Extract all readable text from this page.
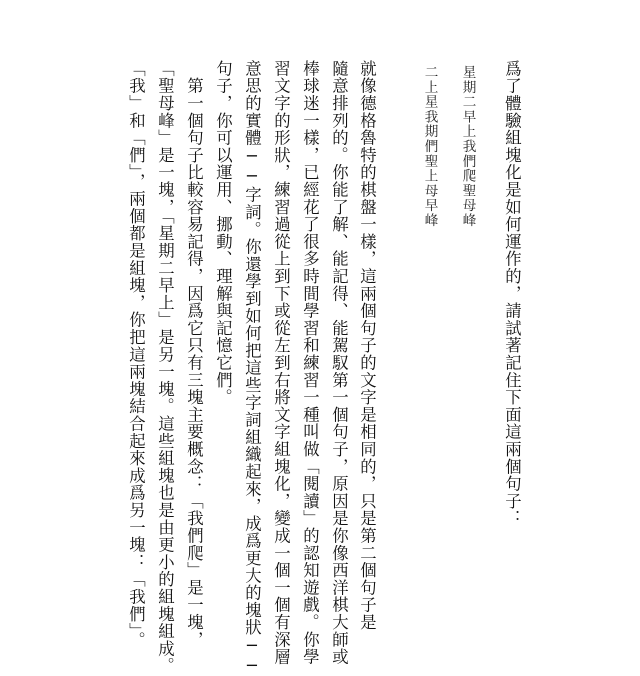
爲了體驗組塊化是如何運作的，請試著記住下面這兩個句子：

星期二早上我們爬聖母峰

二上星我期們聖上母早峰

就像德格魯特的棋盤一樣，這兩個句子的文字是相同的，只是第二個句子是

隨意排列的。你能了解、能記得、能駕馭第一個句子，原因是你像西洋棋大師或

棒球迷一樣，已經花了很多時間學習和練習一種叫做「閱讀」的認知遊戲。你學

習文字的形狀，練習過從上到下或從左到右將文字組塊化，變成一個一個有深層

意思的實體──字詞。你還學到如何把這些字詞組織起來，成爲更大的塊狀──

句子，你可以運用、挪動、理解與記憶它們。

　第一個句子比較容易記得，因爲它只有三塊主要概念：「我們爬」是一塊，

「聖母峰」是一塊，「星期二早上」是另一塊。這些組塊也是由更小的組塊組成。

「我」和「們」，兩個都是組塊，你把這兩塊結合起來成爲另一塊：「我們」。
